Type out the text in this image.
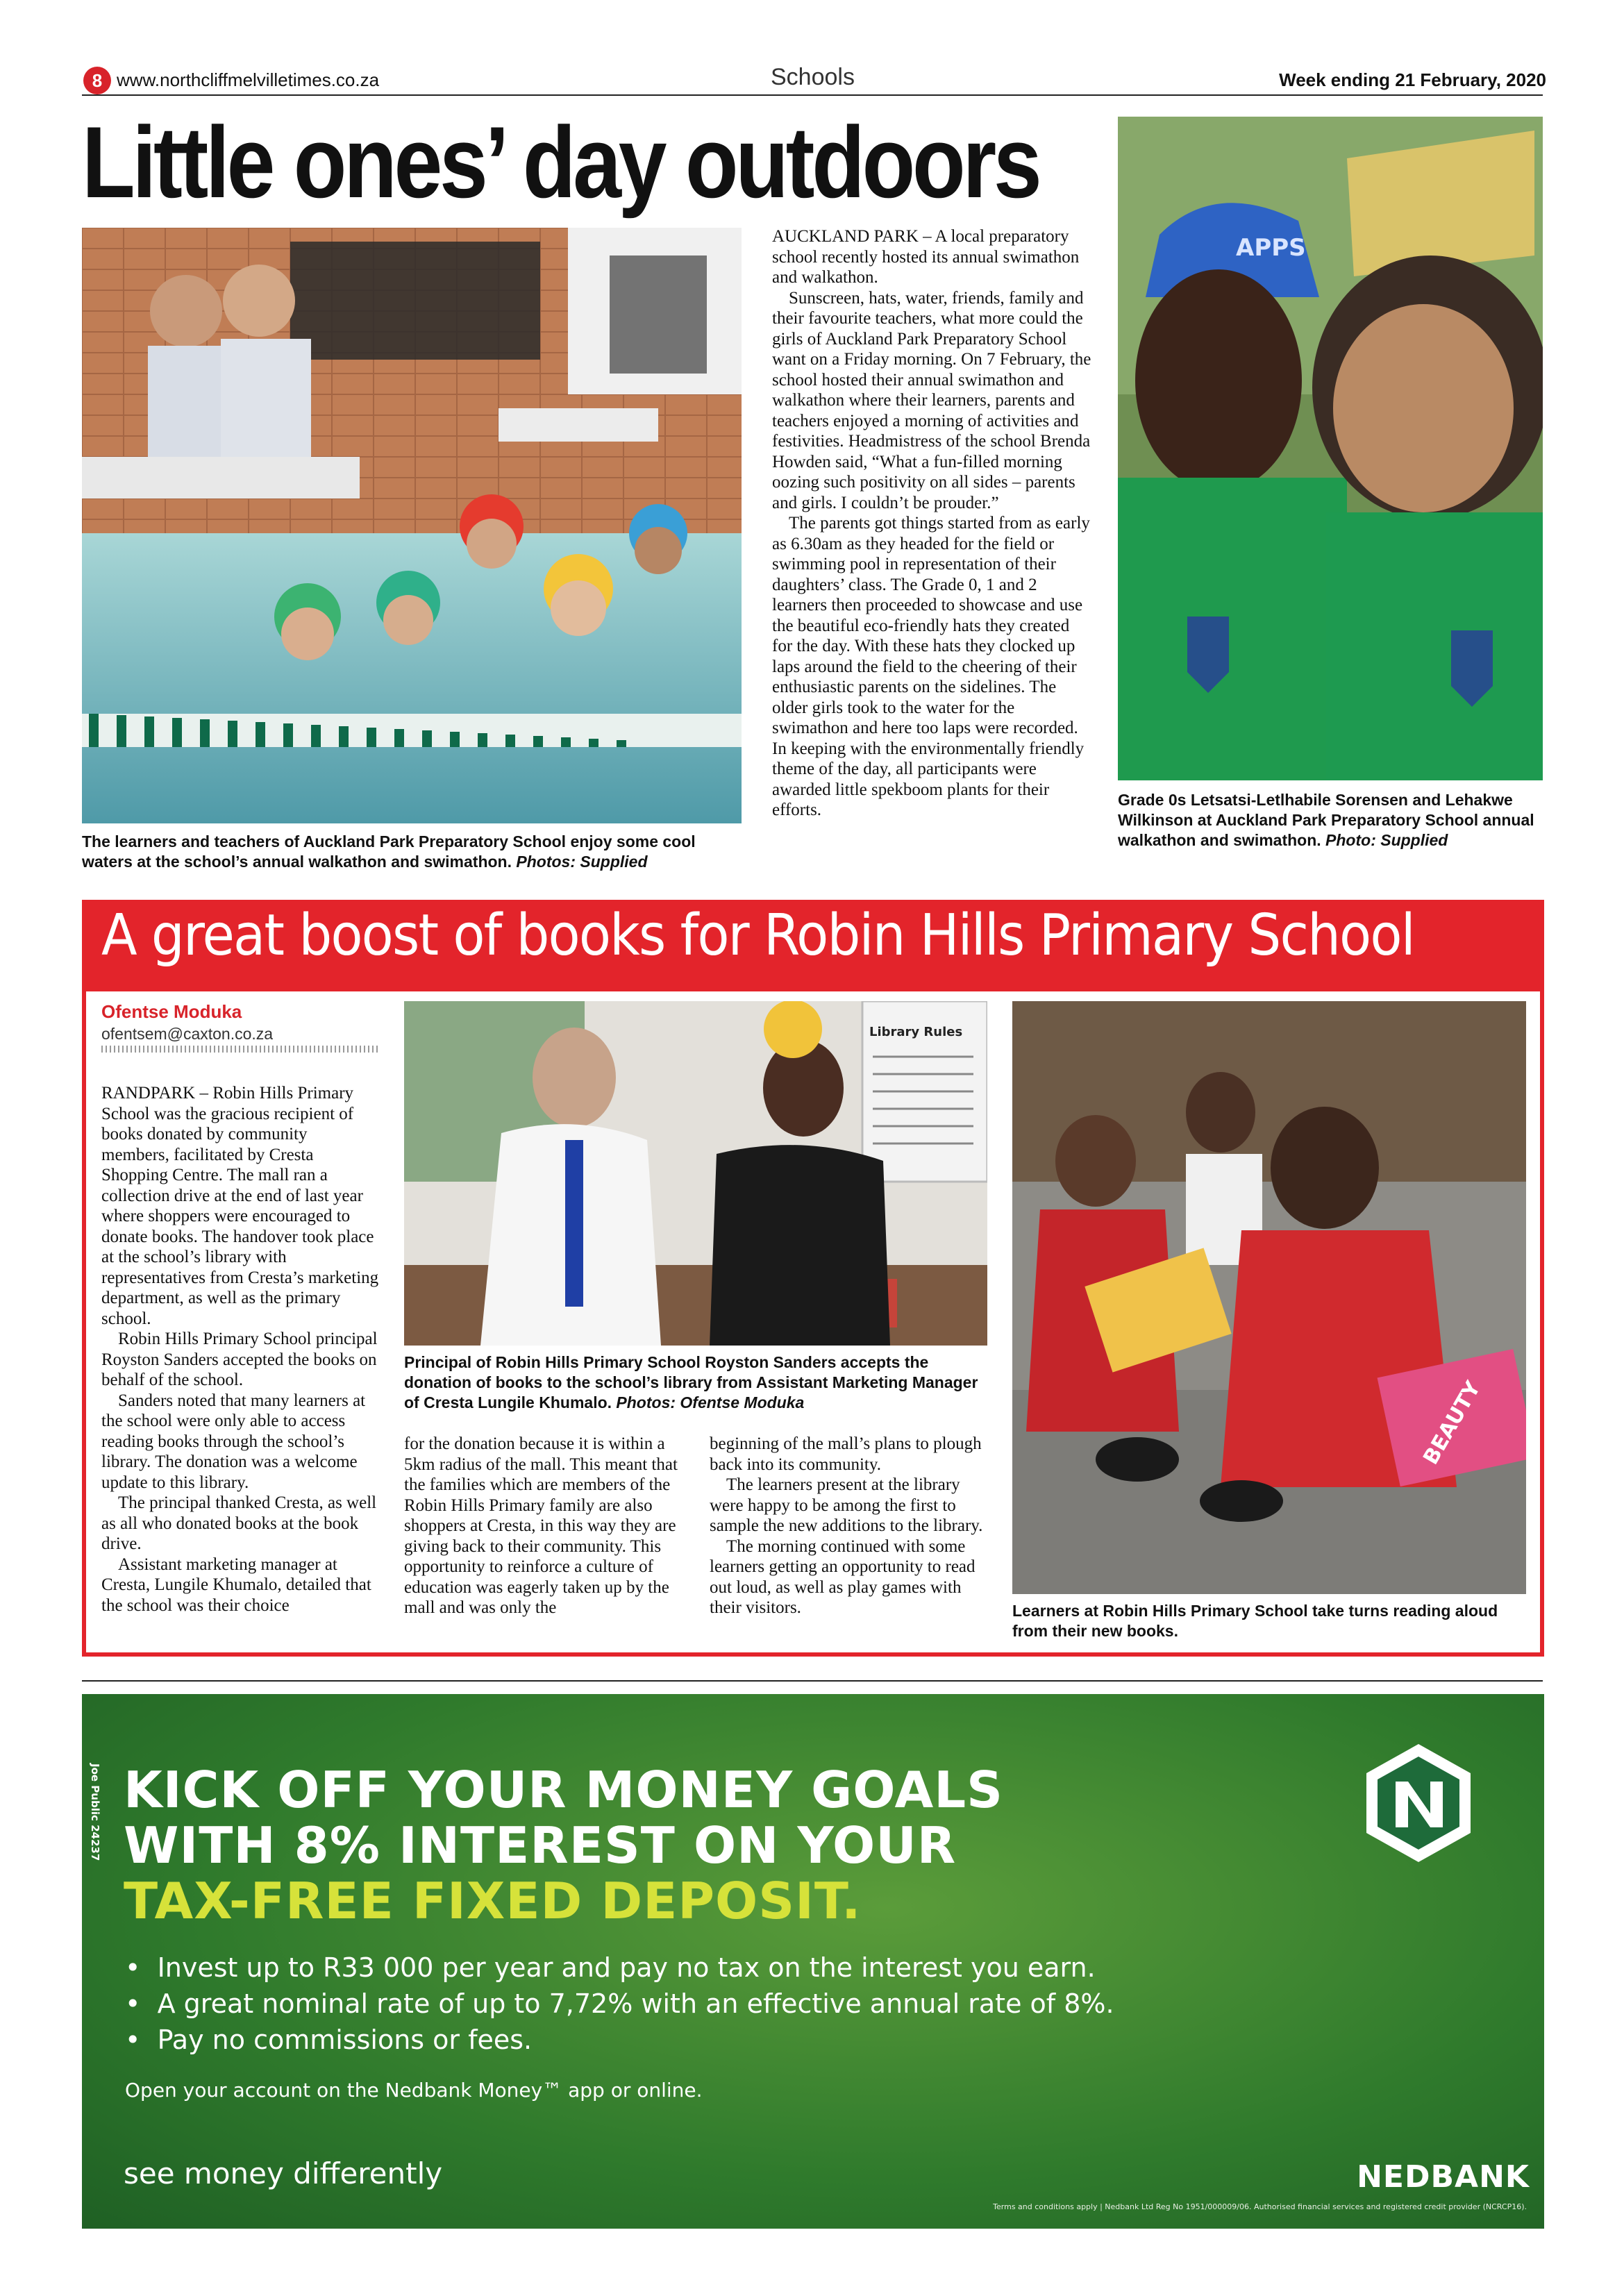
8 www.northcliffmelvilletimes.co.za	Schools	Week ending 21 February, 2020
Little ones’ day outdoors
The learners and teachers of Auckland Park Preparatory School enjoy some cool waters at the school’s annual walkathon and swimathon. Photos: Supplied

AUCKLAND PARK – A local preparatory school recently hosted its annual swimathon and walkathon.

Sunscreen, hats, water, friends, family and their favourite teachers, what more could the girls of Auckland Park Preparatory School want on a Friday morning. On 7 February, the school hosted their annual swimathon and walkathon where their learners, parents and teachers enjoyed a morning of activities and festivities. Headmistress of the school Brenda Howden said, “What a fun-filled morning oozing such positivity on all sides – parents and girls. I couldn’t be prouder.”

The parents got things started from as early as 6.30am as they headed for the field or swimming pool in representation of their daughters’ class. The Grade 0, 1 and 2 learners then proceeded to showcase and use the beautiful eco-friendly hats they created for the day. With these hats they clocked up laps around the field to the cheering of their enthusiastic parents on the sidelines. The older girls took to the water for the swimathon and here too laps were recorded. In keeping with the environmentally friendly theme of the day, all participants were awarded little spekboom plants for their efforts.

APPS
Grade 0s Letsatsi-Letlhabile Sorensen and Lehakwe Wilkinson at Auckland Park Preparatory School annual walkathon and swimathon. Photo: Supplied
A great boost of books for Robin Hills Primary School
Ofentse Moduka
ofentsem@caxton.co.za

RANDPARK – Robin Hills Primary School was the gracious recipient of books donated by community members, facilitated by Cresta Shopping Centre. The mall ran a collection drive at the end of last year where shoppers were encouraged to donate books. The handover took place at the school’s library with representatives from Cresta’s marketing department, as well as the primary school.

Robin Hills Primary School principal Royston Sanders accepted the books on behalf of the school.

Sanders noted that many learners at the school were only able to access reading books through the school’s library. The donation was a welcome update to this library.

The principal thanked Cresta, as well as all who donated books at the book drive.

Assistant marketing manager at Cresta, Lungile Khumalo, detailed that the school was their choice

Library Rules
Principal of Robin Hills Primary School Royston Sanders accepts the donation of books to the school’s library from Assistant Marketing Manager of Cresta Lungile Khumalo. Photos: Ofentse Moduka

for the donation because it is within a 5km radius of the mall. This meant that the families which are members of the Robin Hills Primary family are also shoppers at Cresta, in this way they are giving back to their community. This opportunity to reinforce a culture of education was eagerly taken up by the mall and was only the

beginning of the mall’s plans to plough back into its community.

The learners present at the library were happy to be among the first to sample the new additions to the library.

The morning continued with some learners getting an opportunity to read out loud, as well as play games with their visitors.

BEAUTY
Learners at Robin Hills Primary School take turns reading aloud from their new books.
Joe Public 24237 KICK OFF YOUR MONEY GOALS
WITH 8% INTEREST ON YOUR
TAX-FREE FIXED DEPOSIT.
• Invest up to R33 000 per year and pay no tax on the interest you earn.
• A great nominal rate of up to 7,72% with an effective annual rate of 8%.
• Pay no commissions or fees.
Open your account on the Nedbank Money™ app or online.
see money differently	NEDBANK
Terms and conditions apply | Nedbank Ltd Reg No 1951/000009/06. Authorised financial services and registered credit provider (NCRCP16).
